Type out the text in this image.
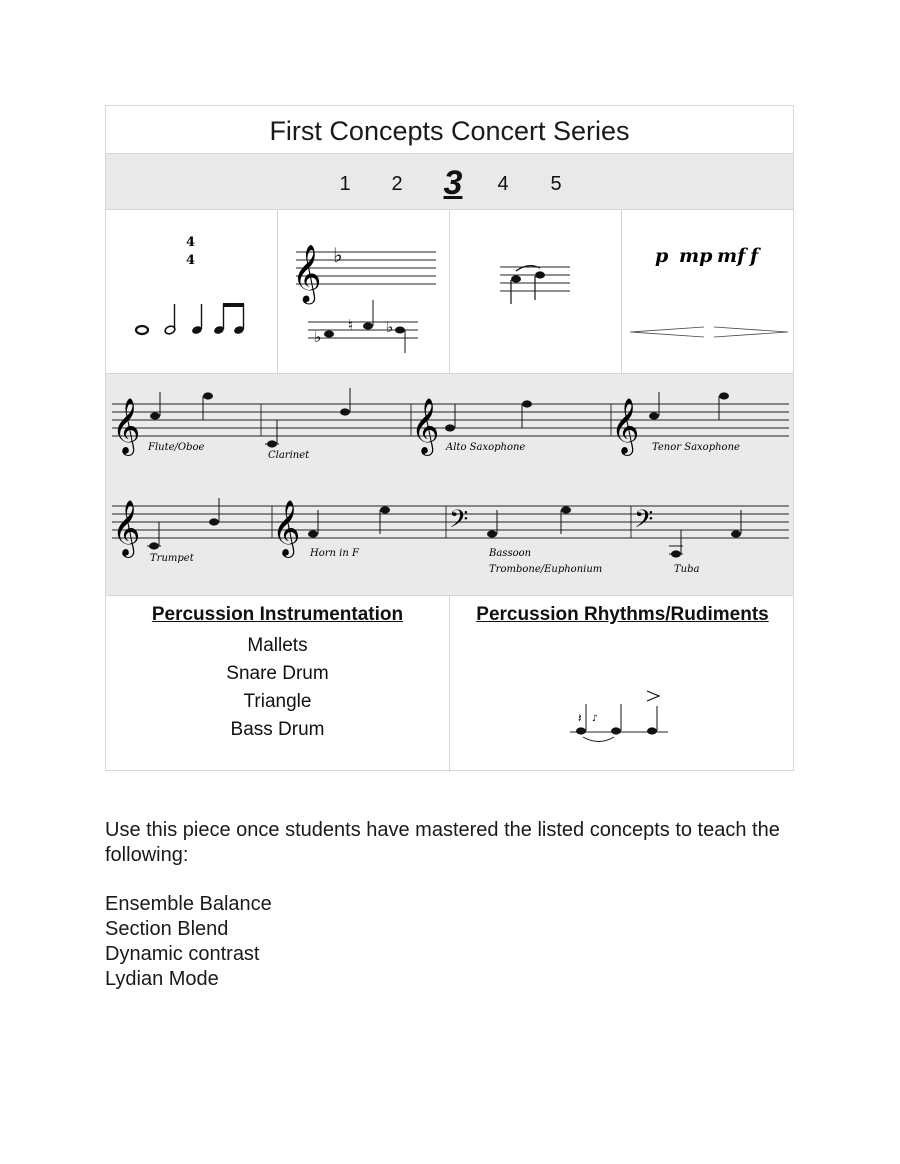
First Concepts Concert Series
1	2 3	4	5
4
4 𝄞 ♭
♭
♮ ♭
p mp mf f
𝄞	𝄞	𝄞
Flute/Oboe
Clarinet
Alto Saxophone	Tenor Saxophone
𝄞	𝄞	𝄢	𝄢
Trumpet	Horn in F	Bassoon
Trombone/Euphonium	Tuba
Percussion Instrumentation
Mallets
Snare Drum
Triangle
Bass Drum
Percussion Rhythms/Rudiments
𝄽 ♪

Use this piece once students have mastered the listed concepts to teach the following:

Ensemble Balance
Section Blend
Dynamic contrast
Lydian Mode
